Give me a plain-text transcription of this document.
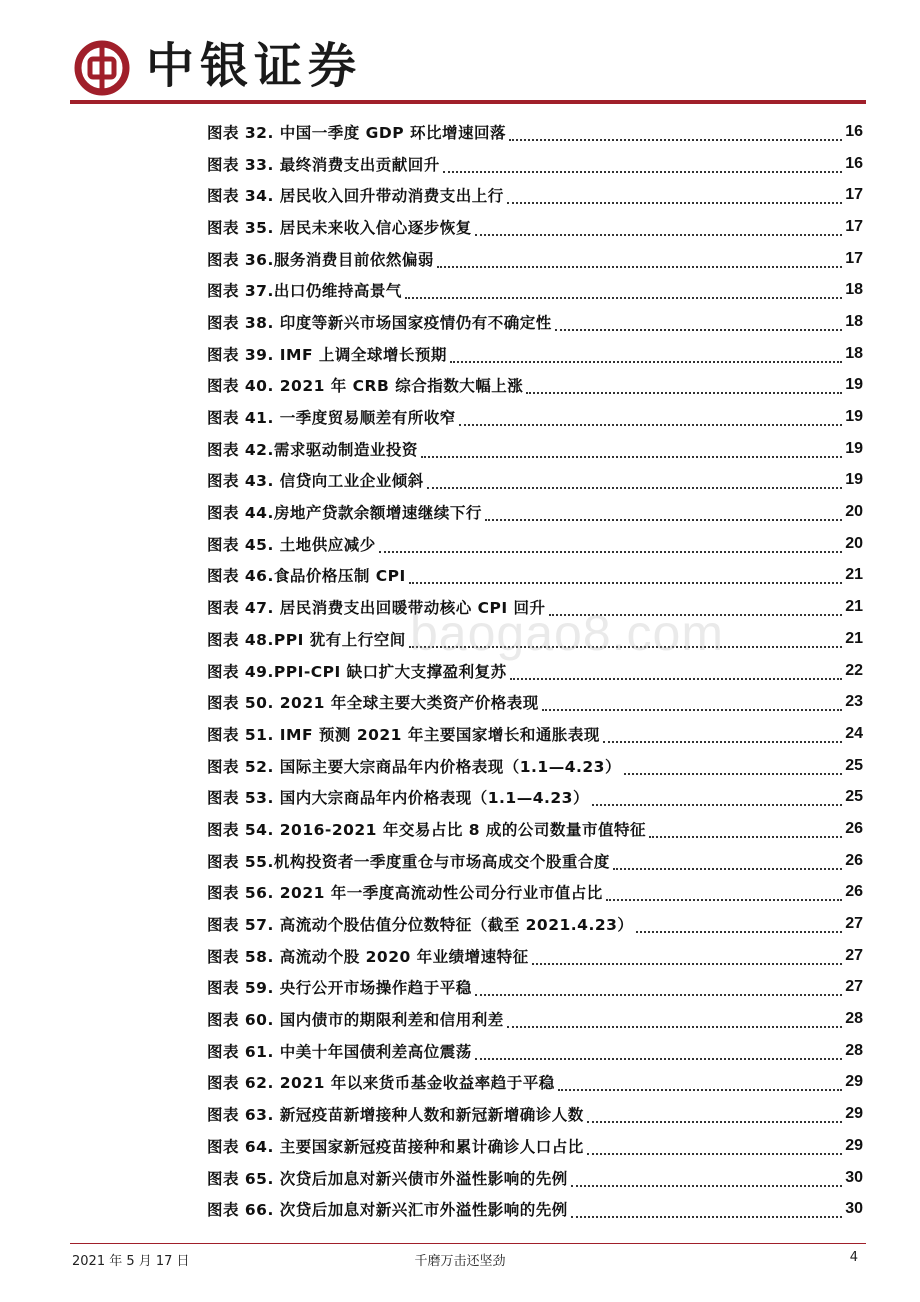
中银证券
图表 32. 中国一季度 GDP 环比增速回落	16
图表 33. 最终消费支出贡献回升	16
图表 34. 居民收入回升带动消费支出上行	17
图表 35. 居民未来收入信心逐步恢复	17
图表 36.服务消费目前依然偏弱	17
图表 37.出口仍维持高景气	18
图表 38. 印度等新兴市场国家疫情仍有不确定性	18
图表 39. IMF 上调全球增长预期	18
图表 40. 2021 年 CRB 综合指数大幅上涨	19
图表 41. 一季度贸易顺差有所收窄	19
图表 42.需求驱动制造业投资	19
图表 43. 信贷向工业企业倾斜	19
图表 44.房地产贷款余额增速继续下行	20
图表 45. 土地供应减少	20
图表 46.食品价格压制 CPI	21
图表 47. 居民消费支出回暖带动核心 CPI 回升	21
图表 48.PPI 犹有上行空间	21
图表 49.PPI-CPI 缺口扩大支撑盈利复苏	22
图表 50. 2021 年全球主要大类资产价格表现	23
图表 51. IMF 预测 2021 年主要国家增长和通胀表现	24
图表 52. 国际主要大宗商品年内价格表现（1.1—4.23）	25
图表 53. 国内大宗商品年内价格表现（1.1—4.23）	25
图表 54. 2016-2021 年交易占比 8 成的公司数量市值特征	26
图表 55.机构投资者一季度重仓与市场高成交个股重合度	26
图表 56. 2021 年一季度高流动性公司分行业市值占比	26
图表 57. 高流动个股估值分位数特征（截至 2021.4.23）	27
图表 58. 高流动个股 2020 年业绩增速特征	27
图表 59. 央行公开市场操作趋于平稳	27
图表 60. 国内债市的期限利差和信用利差	28
图表 61. 中美十年国债利差高位震荡	28
图表 62. 2021 年以来货币基金收益率趋于平稳	29
图表 63. 新冠疫苗新增接种人数和新冠新增确诊人数	29
图表 64. 主要国家新冠疫苗接种和累计确诊人口占比	29
图表 65. 次贷后加息对新兴债市外溢性影响的先例	30
图表 66. 次贷后加息对新兴汇市外溢性影响的先例	30
baogao8.com
2021 年 5 月 17 日	千磨万击还坚劲	4
